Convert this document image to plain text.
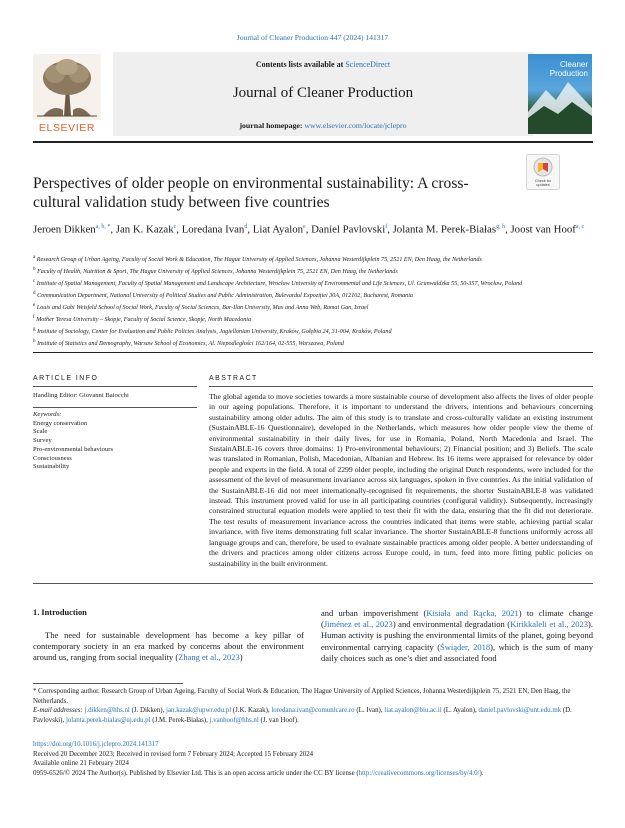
Journal of Cleaner Production 447 (2024) 141317
ELSEVIER
Contents lists available at ScienceDirect
Journal of Cleaner Production
journal homepage: www.elsevier.com/locate/jclepro
Cleaner
Production
Check for updates
Perspectives of older people on environmental sustainability: A cross-cultural validation study between five countries
Jeroen Dikken$^{a, b, *}$, Jan K. Kazak$^c$, Loredana Ivan$^d$, Liat Ayalon$^e$, Daniel Pavlovski$^f$, Jolanta M. Perek-Białas$^{g, h}$, Joost van Hoof$^{a, c}$
$^a$ Research Group of Urban Ageing, Faculty of Social Work & Education, The Hague University of Applied Sciences, Johanna Westerdijkplein 75, 2521 EN, Den Haag, the Netherlands
$^b$ Faculty of Health, Nutrition & Sport, The Hague University of Applied Sciences, Johanna Westerdijkplein 75, 2521 EN, Den Haag, the Netherlands
$^c$ Institute of Spatial Management, Faculty of Spatial Management and Landscape Architecture, Wrocław University of Environmental and Life Sciences, Ul. Grunwaldzka 55, 50-357, Wrocław, Poland
$^d$ Communication Department, National University of Political Studies and Public Administration, Bulevardul Expoziției 30A, 012102, Bucharest, Romania
$^e$ Louis and Gabi Weisfeld School of Social Work, Faculty of Social Sciences, Bar-Ilan University, Max and Anna Web, Ramat Gan, Israel
$^f$ Mother Teresa University – Skopje, Faculty of Social Science, Skopje, North Macedonia
$^g$ Institute of Sociology, Center for Evaluation and Public Policies Analysis, Jagiellonian University, Kraków, Gołębia 24, 31-004, Kraków, Poland
$^h$ Institute of Statistics and Demography, Warsaw School of Economics, Al. Niepodległości 162/164, 02-555, Warszawa, Poland
ARTICLE INFO	ABSTRACT
Handling Editor: Giovanni Baiocchi
Keywords:
Energy conservation
Scale
Survey
Pro-environmental behaviours
Consciousness
Sustainability
The global agenda to move societies towards a more sustainable course of development also affects the lives of older people in our ageing populations. Therefore, it is important to understand the drivers, intentions and behaviours concerning sustainability among older adults. The aim of this study is to translate and cross-culturally validate an existing instrument (SustainABLE-16 Questionnaire), developed in the Netherlands, which measures how older people view the theme of environmental sustainability in their daily lives, for use in Romania, Poland, North Macedonia and Israel. The SustainABLE-16 covers three domains: 1) Pro-environmental behaviours; 2) Financial position; and 3) Beliefs. The scale was translated in Romanian, Polish, Macedonian, Albanian and Hebrew. Its 16 items were appraised for relevance by older people and experts in the field. A total of 2299 older people, including the original Dutch respondents, were included for the assessment of the level of measurement invariance across six languages, spoken in five countries. As the initial validation of the SustainABLE-16 did not meet internationally-recognised fit requirements, the shorter SustainABLE-8 was validated instead. This instrument proved valid for use in all participating countries (configural validity). Subsequently, increasingly constrained structural equation models were applied to test their fit with the data, ensuring that the fit did not deteriorate. The test results of measurement invariance across the countries indicated that items were stable, achieving partial scalar invariance, with five items demonstrating full scalar invariance. The shorter SustainABLE-8 functions uniformly across all language groups and can, therefore, be used to evaluate sustainable practices among older people. A better understanding of the drivers and practices among older citizens across Europe could, in turn, feed into more fitting public policies on sustainability in the built environment.
1. Introduction
The need for sustainable development has become a key pillar of contemporary society in an era marked by concerns about the environment around us, ranging from social inequality (Zhang et al., 2023)
and urban impoverishment (Kisiała and Rącka, 2021) to climate change (Jiménez et al., 2023) and environmental degradation (Kirikkaleli et al., 2023). Human activity is pushing the environmental limits of the planet, going beyond environmental carrying capacity (Świąder, 2018), which is the sum of many daily choices such as one’s diet and associated food
* Corresponding author. Research Group of Urban Ageing, Faculty of Social Work & Education, The Hague University of Applied Sciences, Johanna Westerdijkplein 75, 2521 EN, Den Haag, the Netherlands.
E-mail addresses: j.dikken@hhs.nl (J. Dikken), jan.kazak@upwr.edu.pl (J.K. Kazak), loredana.ivan@comunicare.ro (L. Ivan), liat.ayalon@biu.ac.il (L. Ayalon), daniel.pavlovski@unt.edu.mk (D. Pavlovski), jolanta.perek-bialas@uj.edu.pl (J.M. Perek-Białas), j.vanhoof@hhs.nl (J. van Hoof).
https://doi.org/10.1016/j.jclepro.2024.141317
Received 20 December 2023; Received in revised form 7 February 2024; Accepted 15 February 2024
Available online 21 February 2024
0959-6526/© 2024 The Author(s). Published by Elsevier Ltd. This is an open access article under the CC BY license (http://creativecommons.org/licenses/by/4.0/).
